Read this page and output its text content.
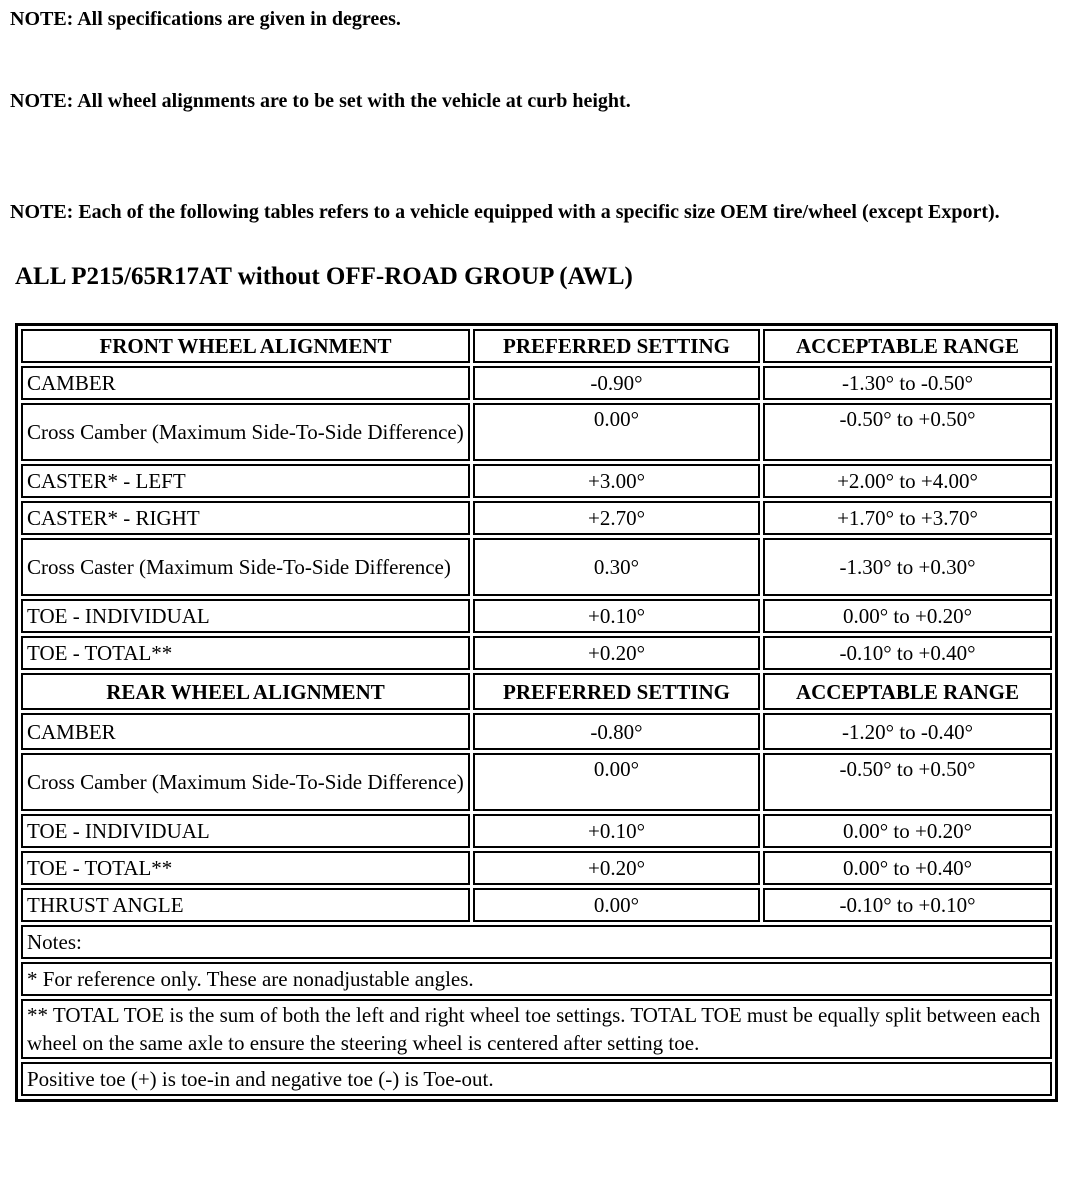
NOTE: All specifications are given in degrees.
NOTE: All wheel alignments are to be set with the vehicle at curb height.
NOTE: Each of the following tables refers to a vehicle equipped with a specific size OEM tire/wheel (except Export).
ALL P215/65R17AT without OFF-ROAD GROUP (AWL)
FRONT WHEEL ALIGNMENT	PREFERRED SETTING	ACCEPTABLE RANGE
CAMBER	-0.90°	-1.30° to -0.50°
Cross Camber (Maximum Side-To-Side Difference)	0.00°	-0.50° to +0.50°
CASTER* - LEFT	+3.00°	+2.00° to +4.00°
CASTER* - RIGHT	+2.70°	+1.70° to +3.70°
Cross Caster (Maximum Side-To-Side Difference)	0.30°	-1.30° to +0.30°
TOE - INDIVIDUAL	+0.10°	0.00° to +0.20°
TOE - TOTAL**	+0.20°	-0.10° to +0.40°
REAR WHEEL ALIGNMENT	PREFERRED SETTING	ACCEPTABLE RANGE
CAMBER	-0.80°	-1.20° to -0.40°
Cross Camber (Maximum Side-To-Side Difference)	0.00°	-0.50° to +0.50°
TOE - INDIVIDUAL	+0.10°	0.00° to +0.20°
TOE - TOTAL**	+0.20°	0.00° to +0.40°
THRUST ANGLE	0.00°	-0.10° to +0.10°
Notes:		
* For reference only. These are nonadjustable angles.		
** TOTAL TOE is the sum of both the left and right wheel toe settings. TOTAL TOE must be equally split between each wheel on the same axle to ensure the steering wheel is centered after setting toe.		
Positive toe (+) is toe-in and negative toe (-) is Toe-out.		
